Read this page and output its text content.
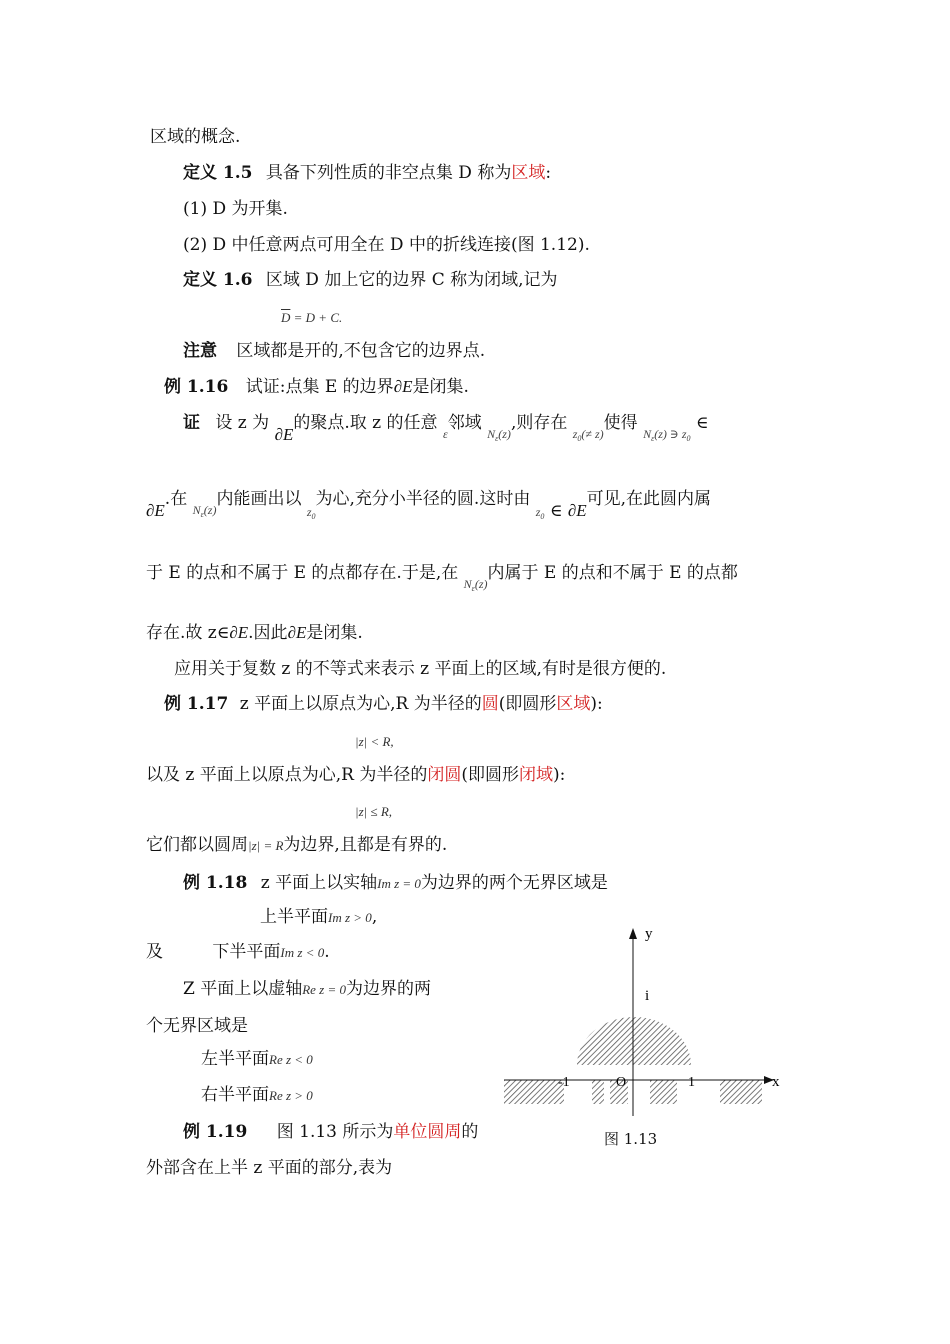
区域的概念.
定义 1.5 具备下列性质的非空点集 D 称为区域:
(1) D 为开集.
(2) D 中任意两点可用全在 D 中的折线连接(图 1.12).
定义 1.6 区域 D 加上它的边界 C 称为闭域,记为
$\overline{D} = D + C$.
注意 区域都是开的,不包含它的边界点.
例 1.16 试证:点集 E 的边界∂E是闭集.
证 设 z 为 ∂E的聚点.取 z 的任意 $_\varepsilon$邻域 $_{N_\varepsilon(z)}$,则存在 $_{z_0(\ne z)}$使得 $_{N_\varepsilon(z) ∋ z_0}$ ∈
∂E.在 $_{N_\varepsilon(z)}$内能画出以 $_{z_0}$为心,充分小半径的圆.这时由 $_{z_0}$ ∈ ∂E可见,在此圆内属
于 E 的点和不属于 E 的点都存在.于是,在 $_{N_\varepsilon(z)}$内属于 E 的点和不属于 E 的点都
存在.故 z∈∂E.因此∂E是闭集.
应用关于复数 z 的不等式来表示 z 平面上的区域,有时是很方便的.
例 1.17 z 平面上以原点为心,R 为半径的圆(即圆形区域):
|z| < R,
以及 z 平面上以原点为心,R 为半径的闭圆(即圆形闭域):
|z| ≤ R,
它们都以圆周|z| = R为边界,且都是有界的.
例 1.18 z 平面上以实轴Im z = 0为边界的两个无界区域是
上半平面Im z > 0,
及	下半平面Im z < 0.
Z 平面上以虚轴Re z = 0为边界的两
个无界区域是
左半平面Re z < 0
右半平面Re z > 0
例 1.19 图 1.13 所示为单位圆周的
外部含在上半 z 平面的部分,表为
y
x
i
O
-1	1
图 1.13
